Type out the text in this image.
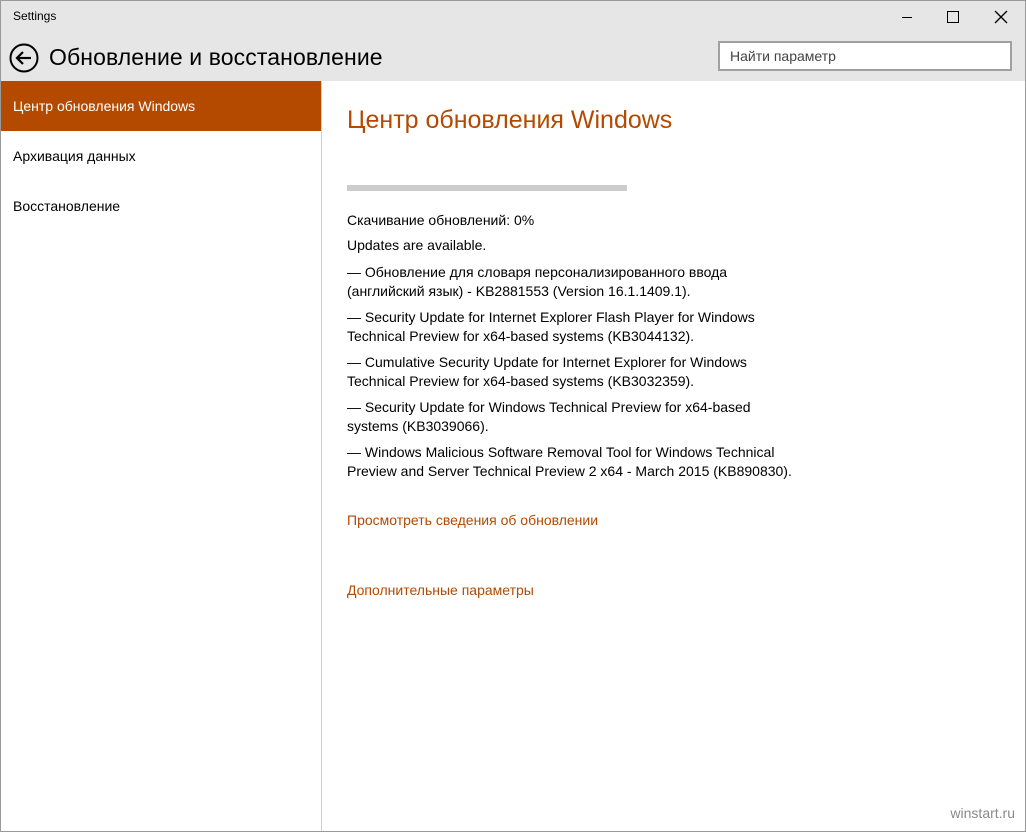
Settings
Обновление и восстановление
Найти параметр
Центр обновления Windows
Архивация данных
Восстановление
Центр обновления Windows
Скачивание обновлений: 0%
Updates are available.
— Обновление для словаря персонализированного ввода (английский язык) - KB2881553 (Version 16.1.1409.1).
— Security Update for Internet Explorer Flash Player for Windows Technical Preview for x64-based systems (KB3044132).
— Cumulative Security Update for Internet Explorer for Windows Technical Preview for x64-based systems (KB3032359).
— Security Update for Windows Technical Preview for x64-based systems (KB3039066).
— Windows Malicious Software Removal Tool for Windows Technical Preview and Server Technical Preview 2 x64 - March 2015 (KB890830).
Просмотреть сведения об обновлении
Дополнительные параметры
winstart.ru
